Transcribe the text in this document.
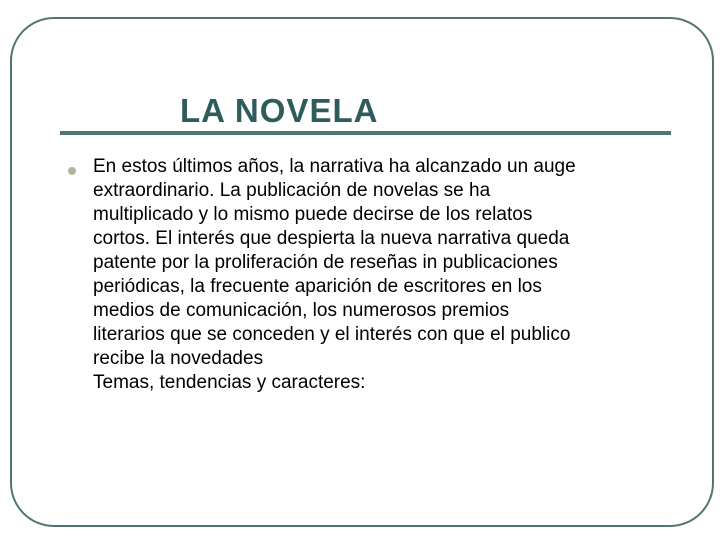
LA NOVELA

En estos últimos años, la narrativa ha alcanzado un auge
extraordinario. La publicación de novelas se ha
multiplicado y lo mismo puede decirse de los relatos
cortos. El interés que despierta la nueva narrativa queda
patente por la proliferación de reseñas in publicaciones
periódicas, la frecuente aparición de escritores en los
medios de comunicación, los numerosos premios
literarios que se conceden y el interés con que el publico
recibe la novedades
Temas, tendencias y caracteres:
